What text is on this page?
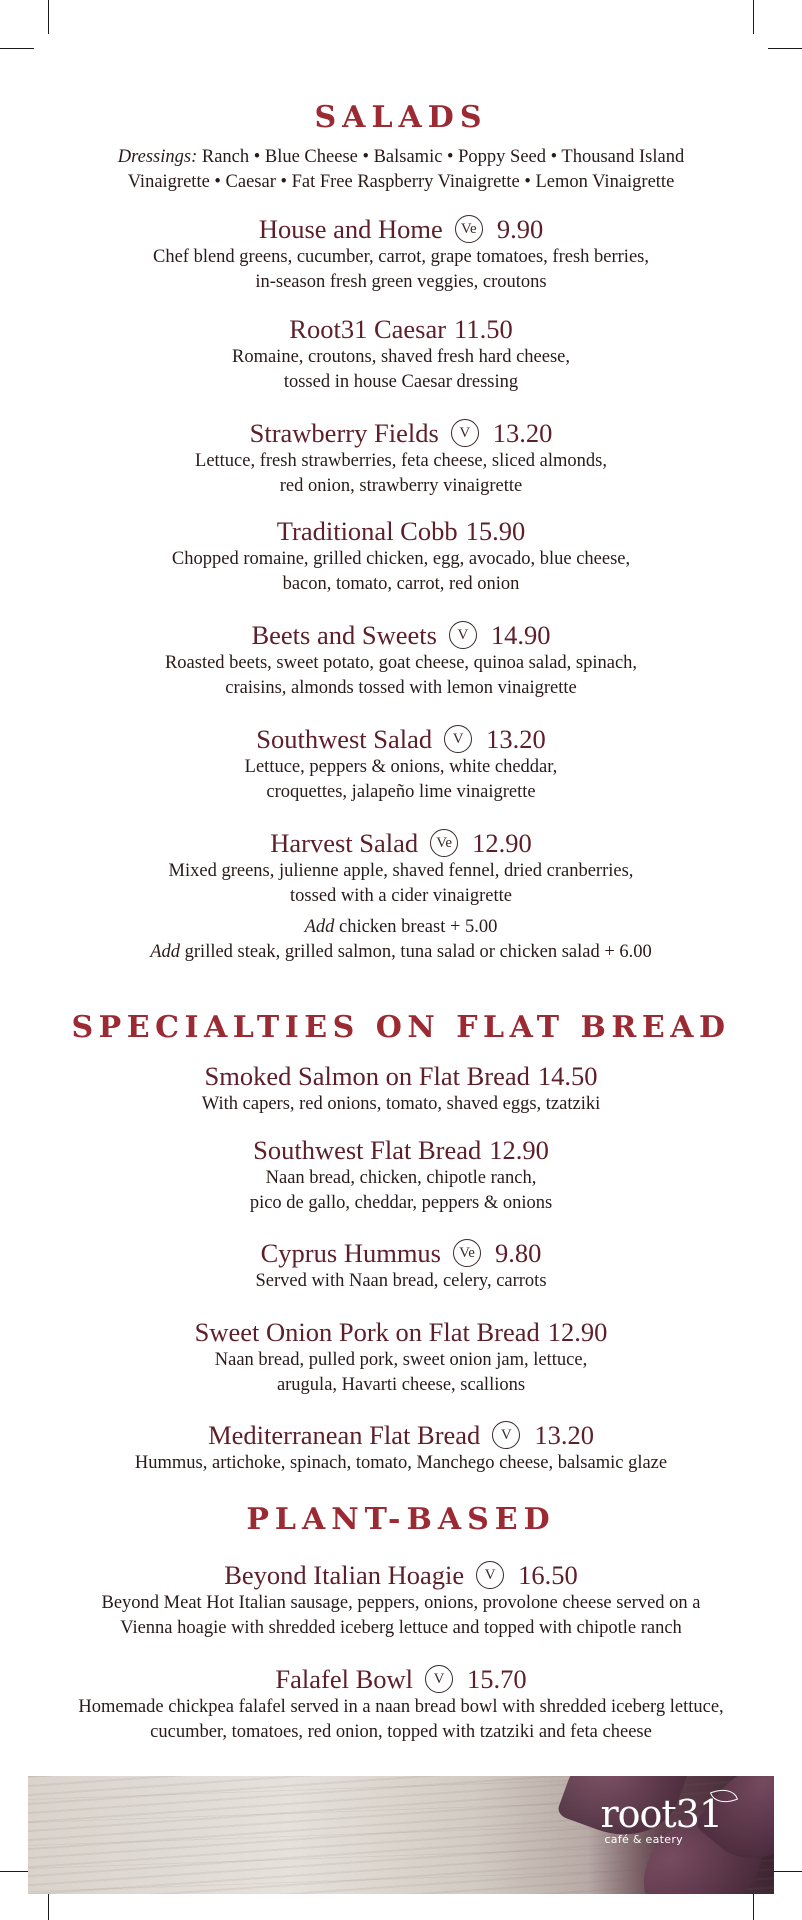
SALADS

Dressings: Ranch • Blue Cheese • Balsamic • Poppy Seed • Thousand Island

Vinaigrette • Caesar • Fat Free Raspberry Vinaigrette • Lemon Vinaigrette

House and Home Ve 9.90
Chef blend greens, cucumber, carrot, grape tomatoes, fresh berries,
in-season fresh green veggies, croutons
Root31 Caesar 11.50
Romaine, croutons, shaved fresh hard cheese,
tossed in house Caesar dressing
Strawberry Fields V 13.20
Lettuce, fresh strawberries, feta cheese, sliced almonds,
red onion, strawberry vinaigrette
Traditional Cobb 15.90
Chopped romaine, grilled chicken, egg, avocado, blue cheese,
bacon, tomato, carrot, red onion
Beets and Sweets V 14.90
Roasted beets, sweet potato, goat cheese, quinoa salad, spinach,
craisins, almonds tossed with lemon vinaigrette
Southwest Salad V 13.20
Lettuce, peppers & onions, white cheddar,
croquettes, jalapeño lime vinaigrette
Harvest Salad Ve 12.90
Mixed greens, julienne apple, shaved fennel, dried cranberries,
tossed with a cider vinaigrette
Add chicken breast + 5.00
Add grilled steak, grilled salmon, tuna salad or chicken salad + 6.00
SPECIALTIES ON FLAT BREAD
Smoked Salmon on Flat Bread 14.50
With capers, red onions, tomato, shaved eggs, tzatziki
Southwest Flat Bread 12.90
Naan bread, chicken, chipotle ranch,
pico de gallo, cheddar, peppers & onions
Cyprus Hummus Ve 9.80
Served with Naan bread, celery, carrots
Sweet Onion Pork on Flat Bread 12.90
Naan bread, pulled pork, sweet onion jam, lettuce,
arugula, Havarti cheese, scallions
Mediterranean Flat Bread V 13.20
Hummus, artichoke, spinach, tomato, Manchego cheese, balsamic glaze
PLANT-BASED
Beyond Italian Hoagie V 16.50
Beyond Meat Hot Italian sausage, peppers, onions, provolone cheese served on a
Vienna hoagie with shredded iceberg lettuce and topped with chipotle ranch
Falafel Bowl V 15.70
Homemade chickpea falafel served in a naan bread bowl with shredded iceberg lettuce,
cucumber, tomatoes, red onion, topped with tzatziki and feta cheese
root31
café & eatery
